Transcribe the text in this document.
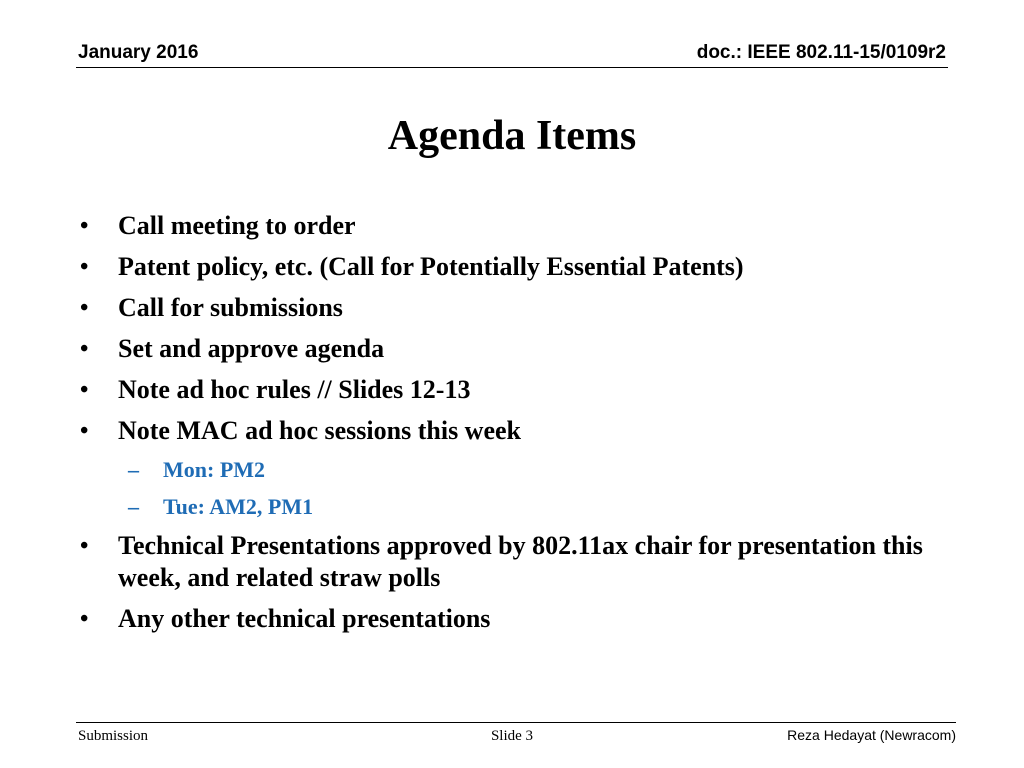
January 2016	doc.: IEEE 802.11-15/0109r2
Agenda Items
• Call meeting to order
• Patent policy, etc. (Call for Potentially Essential Patents)
• Call for submissions
• Set and approve agenda
• Note ad hoc rules // Slides 12-13
• Note MAC ad hoc sessions this week
– Mon: PM2
– Tue: AM2, PM1
• Technical Presentations approved by 802.11ax chair for presentation this week, and related straw polls
• Any other technical presentations
Submission	Slide 3	Reza Hedayat (Newracom)
